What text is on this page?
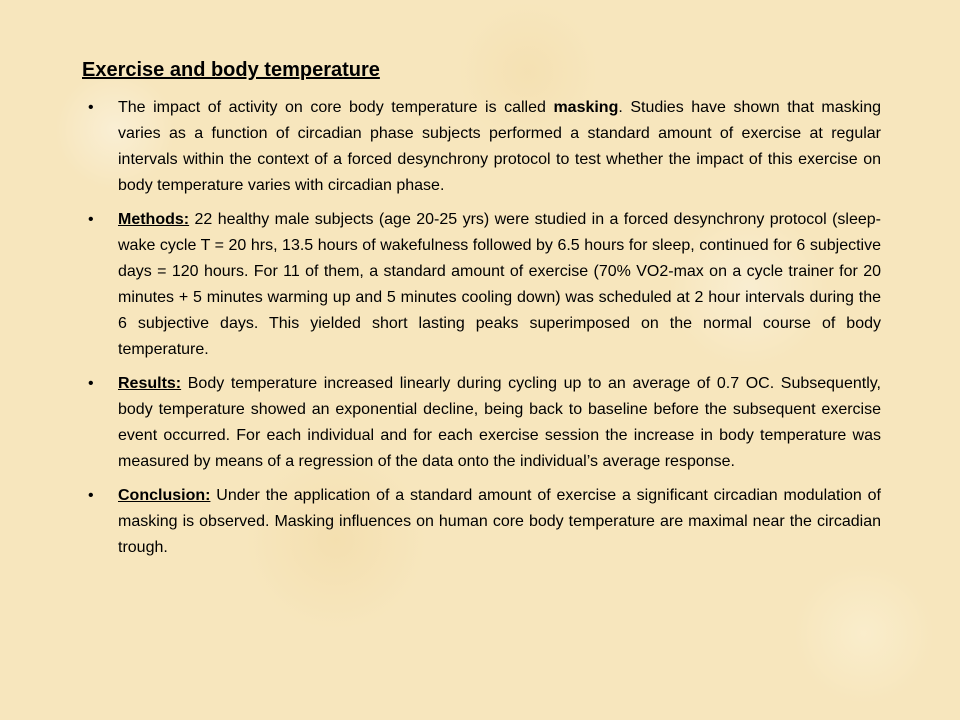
Exercise and body temperature
• The impact of activity on core body temperature is called masking. Studies have shown that masking varies as a function of circadian phase subjects performed a standard amount of exercise at regular intervals within the context of a forced desynchrony protocol to test whether the impact of this exercise on body temperature varies with circadian phase.
• Methods: 22 healthy male subjects (age 20-25 yrs) were studied in a forced desynchrony protocol (sleep-wake cycle T = 20 hrs, 13.5 hours of wakefulness followed by 6.5 hours for sleep, continued for 6 subjective days = 120 hours. For 11 of them, a standard amount of exercise (70% VO2-max on a cycle trainer for 20 minutes + 5 minutes warming up and 5 minutes cooling down) was scheduled at 2 hour intervals during the 6 subjective days. This yielded short lasting peaks superimposed on the normal course of body temperature.
• Results: Body temperature increased linearly during cycling up to an average of 0.7 OC. Subsequently, body temperature showed an exponential decline, being back to baseline before the subsequent exercise event occurred. For each individual and for each exercise session the increase in body temperature was measured by means of a regression of the data onto the individual’s average response.
• Conclusion: Under the application of a standard amount of exercise a significant circadian modulation of masking is observed. Masking influences on human core body temperature are maximal near the circadian trough.
